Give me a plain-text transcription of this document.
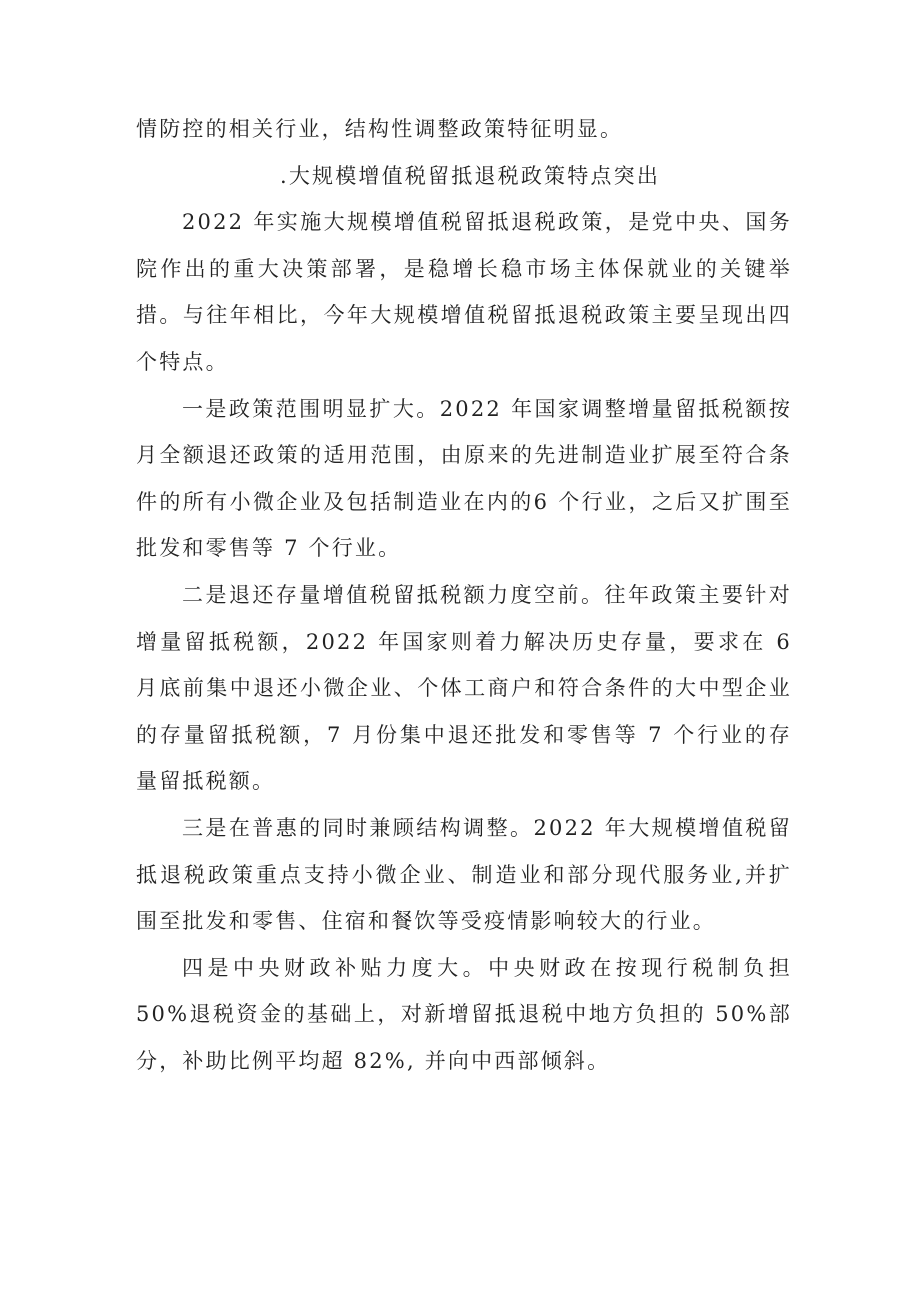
情防控的相关行业，结构性调整政策特征明显。

.大规模增值税留抵退税政策特点突出

2022 年实施大规模增值税留抵退税政策，是党中央、国务院作出的重大决策部署，是稳增长稳市场主体保就业的关键举措。与往年相比，今年大规模增值税留抵退税政策主要呈现出四个特点。

一是政策范围明显扩大。2022 年国家调整增量留抵税额按月全额退还政策的适用范围，由原来的先进制造业扩展至符合条件的所有小微企业及包括制造业在内的6 个行业，之后又扩围至批发和零售等 7 个行业。

二是退还存量增值税留抵税额力度空前。往年政策主要针对增量留抵税额，2022 年国家则着力解决历史存量，要求在 6 月底前集中退还小微企业、个体工商户和符合条件的大中型企业的存量留抵税额，7 月份集中退还批发和零售等 7 个行业的存量留抵税额。

三是在普惠的同时兼顾结构调整。2022 年大规模增值税留抵退税政策重点支持小微企业、制造业和部分现代服务业,并扩围至批发和零售、住宿和餐饮等受疫情影响较大的行业。

四是中央财政补贴力度大。中央财政在按现行税制负担50%退税资金的基础上，对新增留抵退税中地方负担的 50%部分，补助比例平均超 82%, 并向中西部倾斜。
